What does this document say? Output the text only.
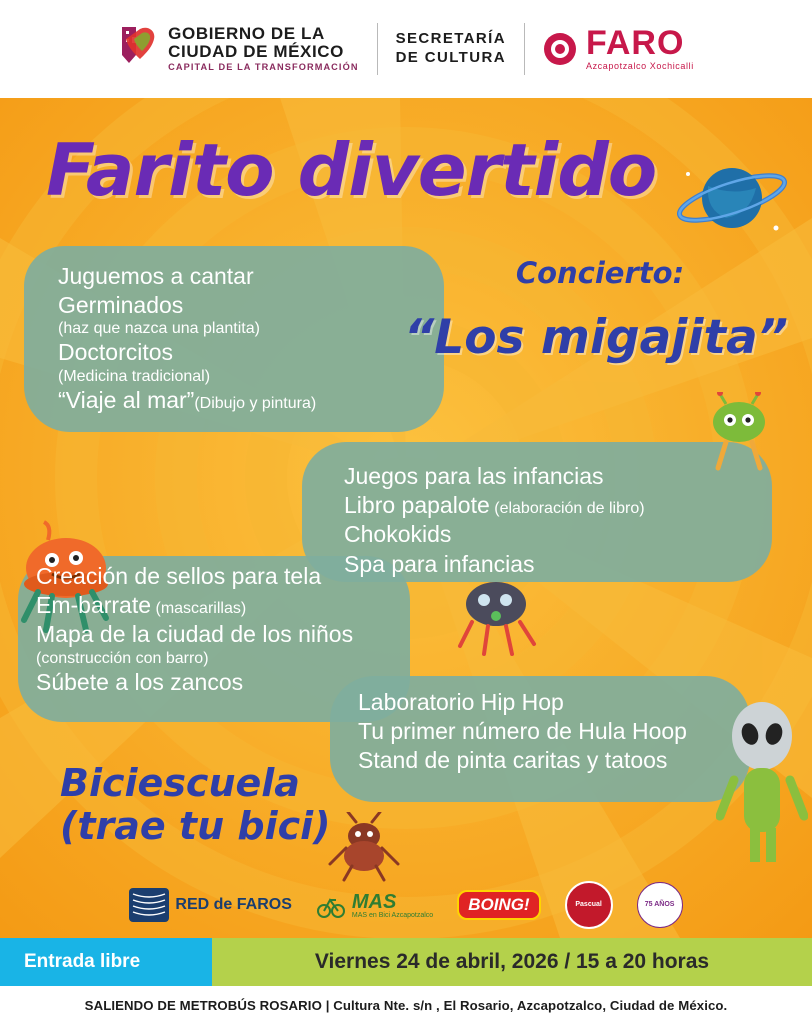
GOBIERNO DE LA
CIUDAD DE MÉXICO
CAPITAL DE LA TRANSFORMACIÓN
SECRETARÍA
DE CULTURA FARO
Azcapotzalco Xochicalli
Farito divertido
Juguemos a cantar
Germinados
(haz que nazca una plantita)
Doctorcitos
(Medicina tradicional)
“Viaje al mar”(Dibujo y pintura)
Juegos para las infancias
Libro papalote (elaboración de libro)
Chokokids
Spa para infancias
Creación de sellos para tela
Em-barrate (mascarillas)
Mapa de la ciudad de los niños
(construcción con barro)
Súbete a los zancos
Laboratorio Hip Hop
Tu primer número de Hula Hoop
Stand de pinta caritas y tatoos
Concierto:
“Los migajita”
Biciescuela
(trae tu bici)
RED de FAROS	MAS
MAS en Bici Azcapotzalco
BOING!	Pascual	75 AÑOS
Entrada libre	Viernes 24 de abril, 2026 / 15 a 20 horas
SALIENDO DE METROBÚS ROSARIO | Cultura Nte. s/n , El Rosario, Azcapotzalco, Ciudad de México.
